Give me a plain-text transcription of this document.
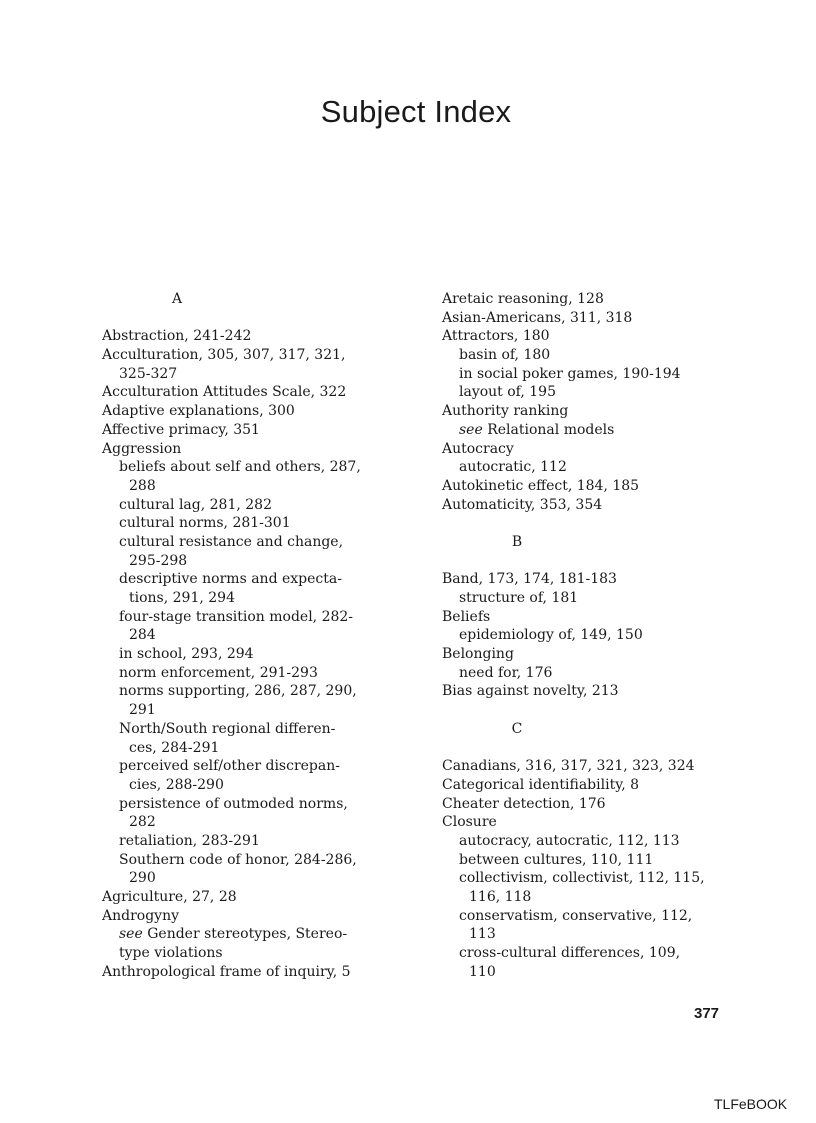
Subject Index
A
Abstraction, 241-242
Acculturation, 305, 307, 317, 321,
325-327
Acculturation Attitudes Scale, 322
Adaptive explanations, 300
Affective primacy, 351
Aggression
beliefs about self and others, 287,
288
cultural lag, 281, 282
cultural norms, 281-301
cultural resistance and change,
295-298
descriptive norms and expecta-
tions, 291, 294
four-stage transition model, 282-
284
in school, 293, 294
norm enforcement, 291-293
norms supporting, 286, 287, 290,
291
North/South regional differen-
ces, 284-291
perceived self/other discrepan-
cies, 288-290
persistence of outmoded norms,
282
retaliation, 283-291
Southern code of honor, 284-286,
290
Agriculture, 27, 28
Androgyny
see Gender stereotypes, Stereo-
type violations
Anthropological frame of inquiry, 5
Aretaic reasoning, 128
Asian-Americans, 311, 318
Attractors, 180
basin of, 180
in social poker games, 190-194
layout of, 195
Authority ranking
see Relational models
Autocracy
autocratic, 112
Autokinetic effect, 184, 185
Automaticity, 353, 354
B
Band, 173, 174, 181-183
structure of, 181
Beliefs
epidemiology of, 149, 150
Belonging
need for, 176
Bias against novelty, 213
C
Canadians, 316, 317, 321, 323, 324
Categorical identifiability, 8
Cheater detection, 176
Closure
autocracy, autocratic, 112, 113
between cultures, 110, 111
collectivism, collectivist, 112, 115,
116, 118
conservatism, conservative, 112,
113
cross-cultural differences, 109,
110
377
TLFeBOOK
